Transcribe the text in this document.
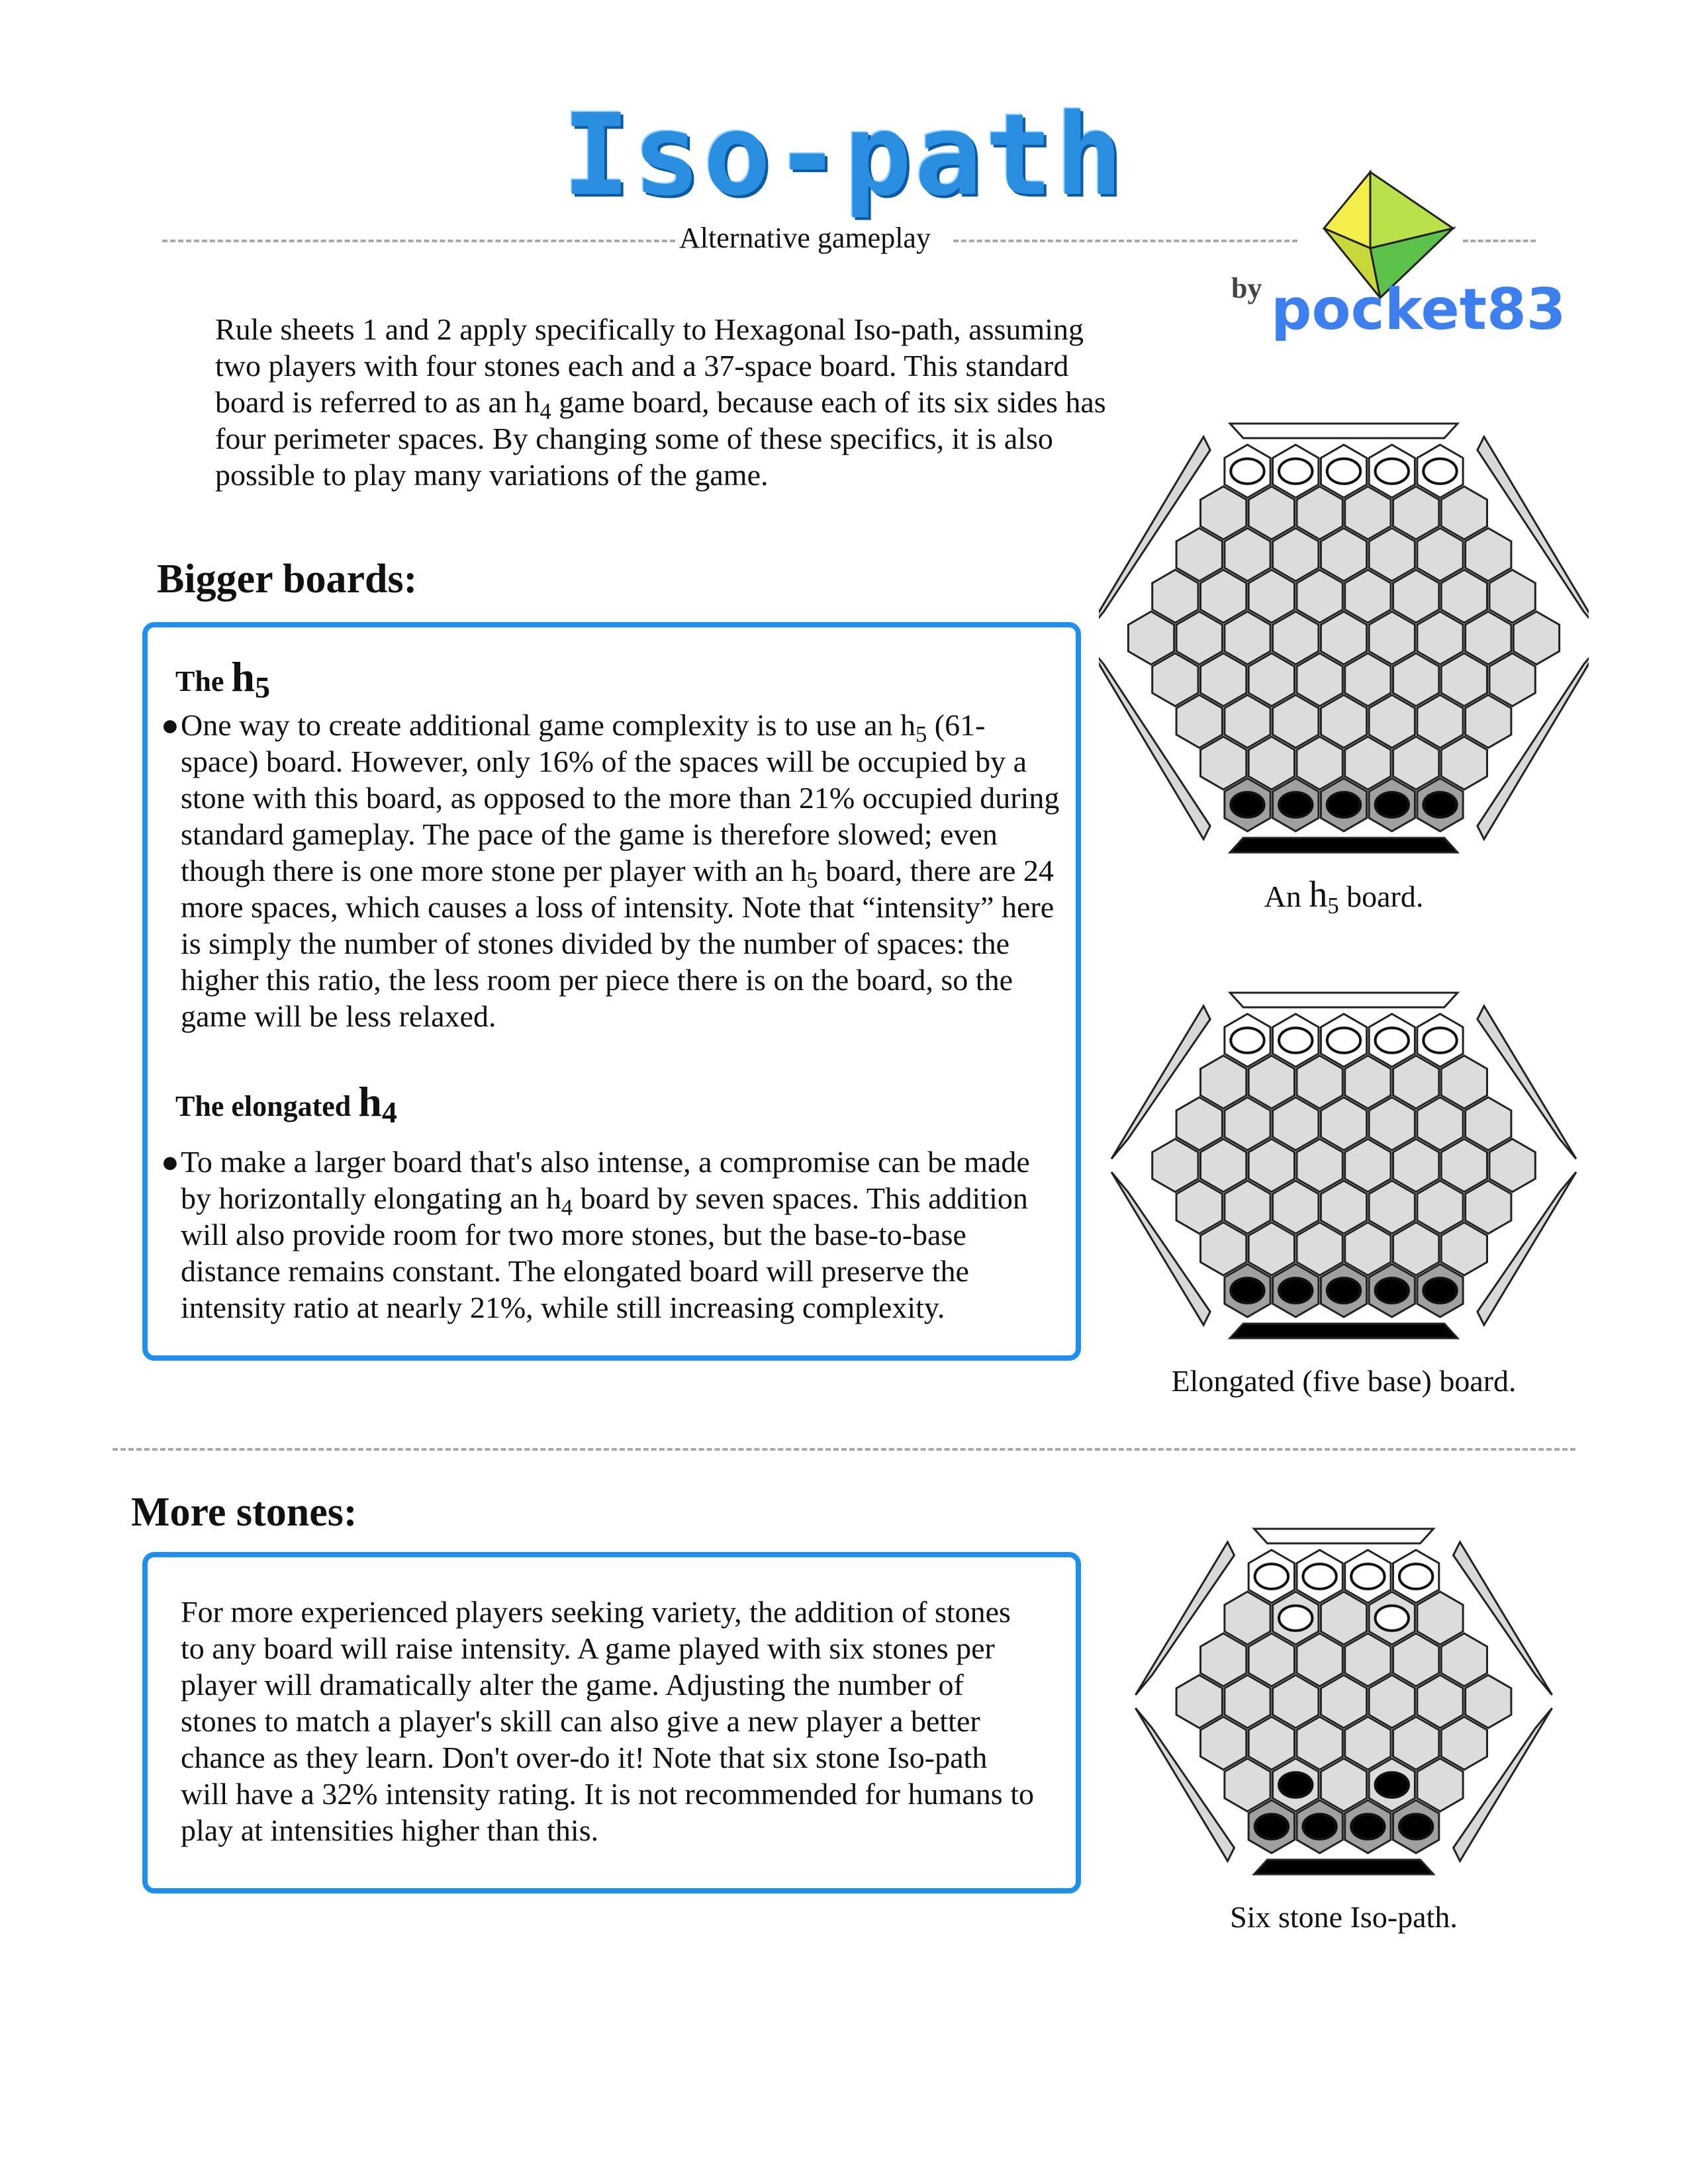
Iso-path
Alternative gameplay
by pocket83
Rule sheets 1 and 2 apply specifically to Hexagonal Iso-path, assuming two players with four stones each and a 37-space board. This standard board is referred to as an $h_4$ game board, because each of its six sides has four perimeter spaces. By changing some of these specifics, it is also possible to play many variations of the game.
Bigger boards:
The $h_5$
● One way to create additional game complexity is to use an $h_5$ (61-space) board. However, only 16% of the spaces will be occupied by a stone with this board, as opposed to the more than 21% occupied during standard gameplay. The pace of the game is therefore slowed; even though there is one more stone per player with an $h_5$ board, there are 24 more spaces, which causes a loss of intensity. Note that “intensity” here is simply the number of stones divided by the number of spaces: the higher this ratio, the less room per piece there is on the board, so the game will be less relaxed.
The elongated $h_4$
● To make a larger board that's also intense, a compromise can be made by horizontally elongating an $h_4$ board by seven spaces. This addition will also provide room for two more stones, but the base-to-base distance remains constant. The elongated board will preserve the intensity ratio at nearly 21%, while still increasing complexity.
More stones:
For more experienced players seeking variety, the addition of stones to any board will raise intensity. A game played with six stones per player will dramatically alter the game. Adjusting the number of stones to match a player's skill can also give a new player a better chance as they learn. Don't over-do it! Note that six stone Iso-path will have a 32% intensity rating. It is not recommended for humans to play at intensities higher than this.
An $h_5$ board.
Elongated (five base) board.
Six stone Iso-path.
